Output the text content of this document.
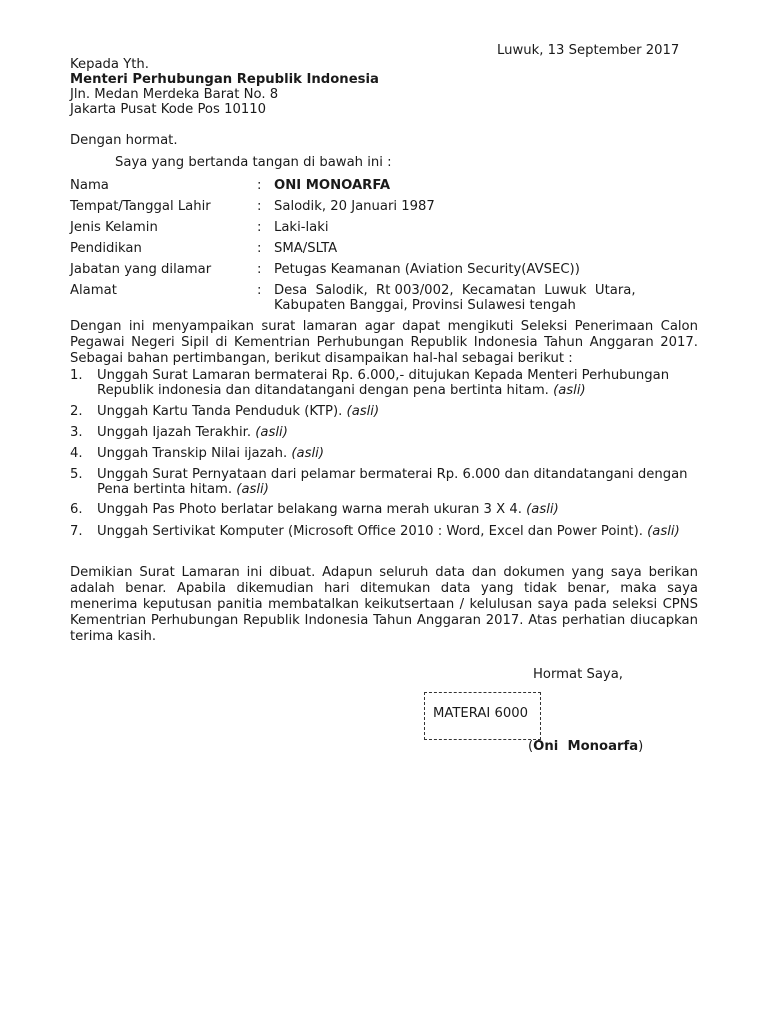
Luwuk, 13 September 2017
Kepada Yth.
Menteri Perhubungan Republik Indonesia
Jln. Medan Merdeka Barat No. 8
Jakarta Pusat Kode Pos 10110
Dengan hormat.
Saya yang bertanda tangan di bawah ini :
Nama	: ONI MONOARFA
Tempat/Tanggal Lahir	: Salodik, 20 Januari 1987
Jenis Kelamin	: Laki-laki
Pendidikan	: SMA/SLTA
Jabatan yang dilamar	: Petugas Keamanan (Aviation Security(AVSEC))
Alamat	: Desa  Salodik,  Rt 003/002,  Kecamatan  Luwuk  Utara,
Kabupaten Banggai, Provinsi Sulawesi tengah
Dengan ini menyampaikan surat lamaran agar dapat mengikuti Seleksi Penerimaan Calon Pegawai Negeri Sipil di Kementrian Perhubungan Republik Indonesia Tahun Anggaran 2017. Sebagai bahan pertimbangan, berikut disampaikan hal-hal sebagai berikut :
1. Unggah Surat Lamaran bermaterai Rp. 6.000,- ditujukan Kepada Menteri Perhubungan
Republik indonesia dan ditandatangani dengan pena bertinta hitam. (asli)
2. Unggah Kartu Tanda Penduduk (KTP). (asli)
3. Unggah Ijazah Terakhir. (asli)
4. Unggah Transkip Nilai ijazah. (asli)
5. Unggah Surat Pernyataan dari pelamar bermaterai Rp. 6.000 dan ditandatangani dengan
Pena bertinta hitam. (asli)
6. Unggah Pas Photo berlatar belakang warna merah ukuran 3 X 4. (asli)
7. Unggah Sertivikat Komputer (Microsoft Office 2010 : Word, Excel dan Power Point). (asli)
Demikian Surat Lamaran ini dibuat. Adapun seluruh data dan dokumen yang saya berikan adalah benar. Apabila dikemudian hari ditemukan data yang tidak benar, maka saya menerima keputusan panitia membatalkan keikutsertaan / kelulusan saya pada seleksi CPNS Kementrian Perhubungan Republik Indonesia Tahun Anggaran 2017. Atas perhatian diucapkan terima kasih.
Hormat Saya,
MATERAI 6000
(Oni  Monoarfa)
